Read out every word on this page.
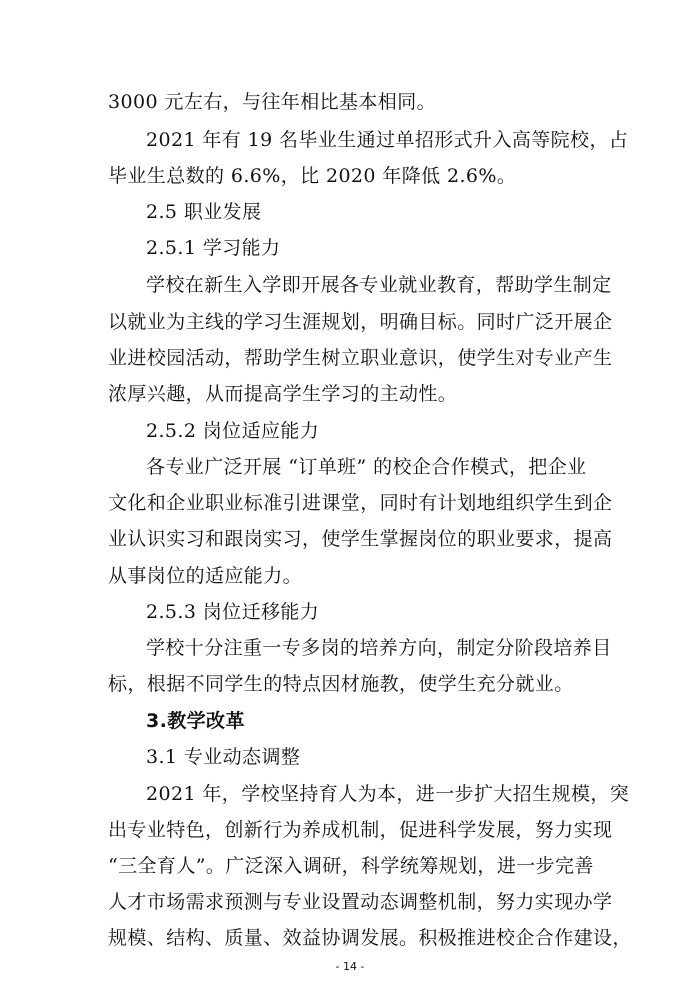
3000 元左右，与往年相比基本相同。
2021 年有 19 名毕业生通过单招形式升入高等院校，占
毕业生总数的 6.6%，比 2020 年降低 2.6%。
2.5 职业发展
2.5.1 学习能力
学校在新生入学即开展各专业就业教育，帮助学生制定
以就业为主线的学习生涯规划，明确目标。同时广泛开展企
业进校园活动，帮助学生树立职业意识，使学生对专业产生
浓厚兴趣，从而提高学生学习的主动性。
2.5.2 岗位适应能力
各专业广泛开展 “订单班” 的校企合作模式，把企业
文化和企业职业标准引进课堂，同时有计划地组织学生到企
业认识实习和跟岗实习，使学生掌握岗位的职业要求，提高
从事岗位的适应能力。
2.5.3 岗位迁移能力
学校十分注重一专多岗的培养方向，制定分阶段培养目
标，根据不同学生的特点因材施教，使学生充分就业。
3.教学改革
3.1 专业动态调整
2021 年，学校坚持育人为本，进一步扩大招生规模，突
出专业特色，创新行为养成机制，促进科学发展，努力实现
“三全育人”。广泛深入调研，科学统筹规划，进一步完善
人才市场需求预测与专业设置动态调整机制，努力实现办学
规模、结构、质量、效益协调发展。积极推进校企合作建设，
- 14 -
